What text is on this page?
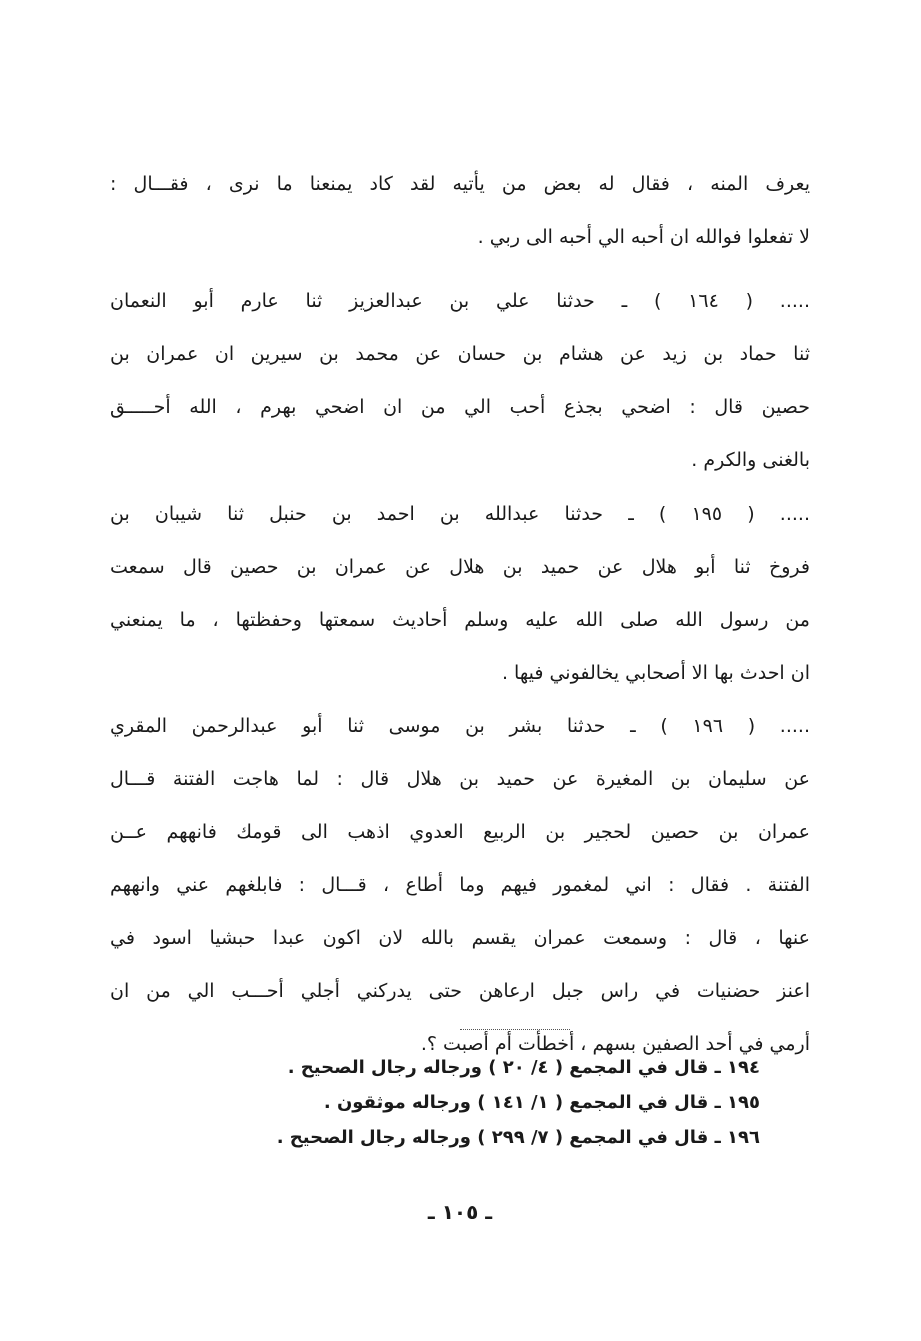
يعرف المنه ، فقال له بعض من يأتيه لقد كاد يمنعنا ما نرى ، فقـــال :
لا تفعلوا فوالله ان أحبه الي أحبه الى ربي .
..... ( ١٦٤ ) ـ حدثنا علي بن عبدالعزيز ثنا عارم أبو النعمان
ثنا حماد بن زيد عن هشام بن حسان عن محمد بن سيرين ان عمران بن
حصين قال : اضحي بجذع أحب الي من ان اضحي بهرم ، الله أحـــــق
بالغنى والكرم .
..... ( ١٩٥ ) ـ حدثنا عبدالله بن احمد بن حنبل ثنا شيبان بن
فروخ ثنا أبو هلال عن حميد بن هلال عن عمران بن حصين قال سمعت
من رسول الله صلى الله عليه وسلم أحاديث سمعتها وحفظتها ، ما يمنعني
ان احدث بها الا أصحابي يخالفوني فيها .
..... ( ١٩٦ ) ـ حدثنا بشر بن موسى ثنا أبو عبدالرحمن المقري
عن سليمان بن المغيرة عن حميد بن هلال قال : لما هاجت الفتنة قـــال
عمران بن حصين لحجير بن الربيع العدوي اذهب الى قومك فانههم عــن
الفتنة . فقال : اني لمغمور فيهم وما أطاع ، قـــال : فابلغهم عني وانههم
عنها ، قال : وسمعت عمران يقسم بالله لان اكون عبدا حبشيا اسود في
اعنز حضنيات في راس جبل ارعاهن حتى يدركني أجلي أحـــب الي من ان
أرمي في أحد الصفين بسهم ، أخطأت أم أصبت ؟.
١٩٤ ـ قال في المجمع ( ٤/ ٢٠ ) ورجاله رجال الصحيح .
١٩٥ ـ قال في المجمع ( ١/ ١٤١ ) ورجاله موثقون .
١٩٦ ـ قال في المجمع ( ٧/ ٢٩٩ ) ورجاله رجال الصحيح .
ـ ١٠٥ ـ
